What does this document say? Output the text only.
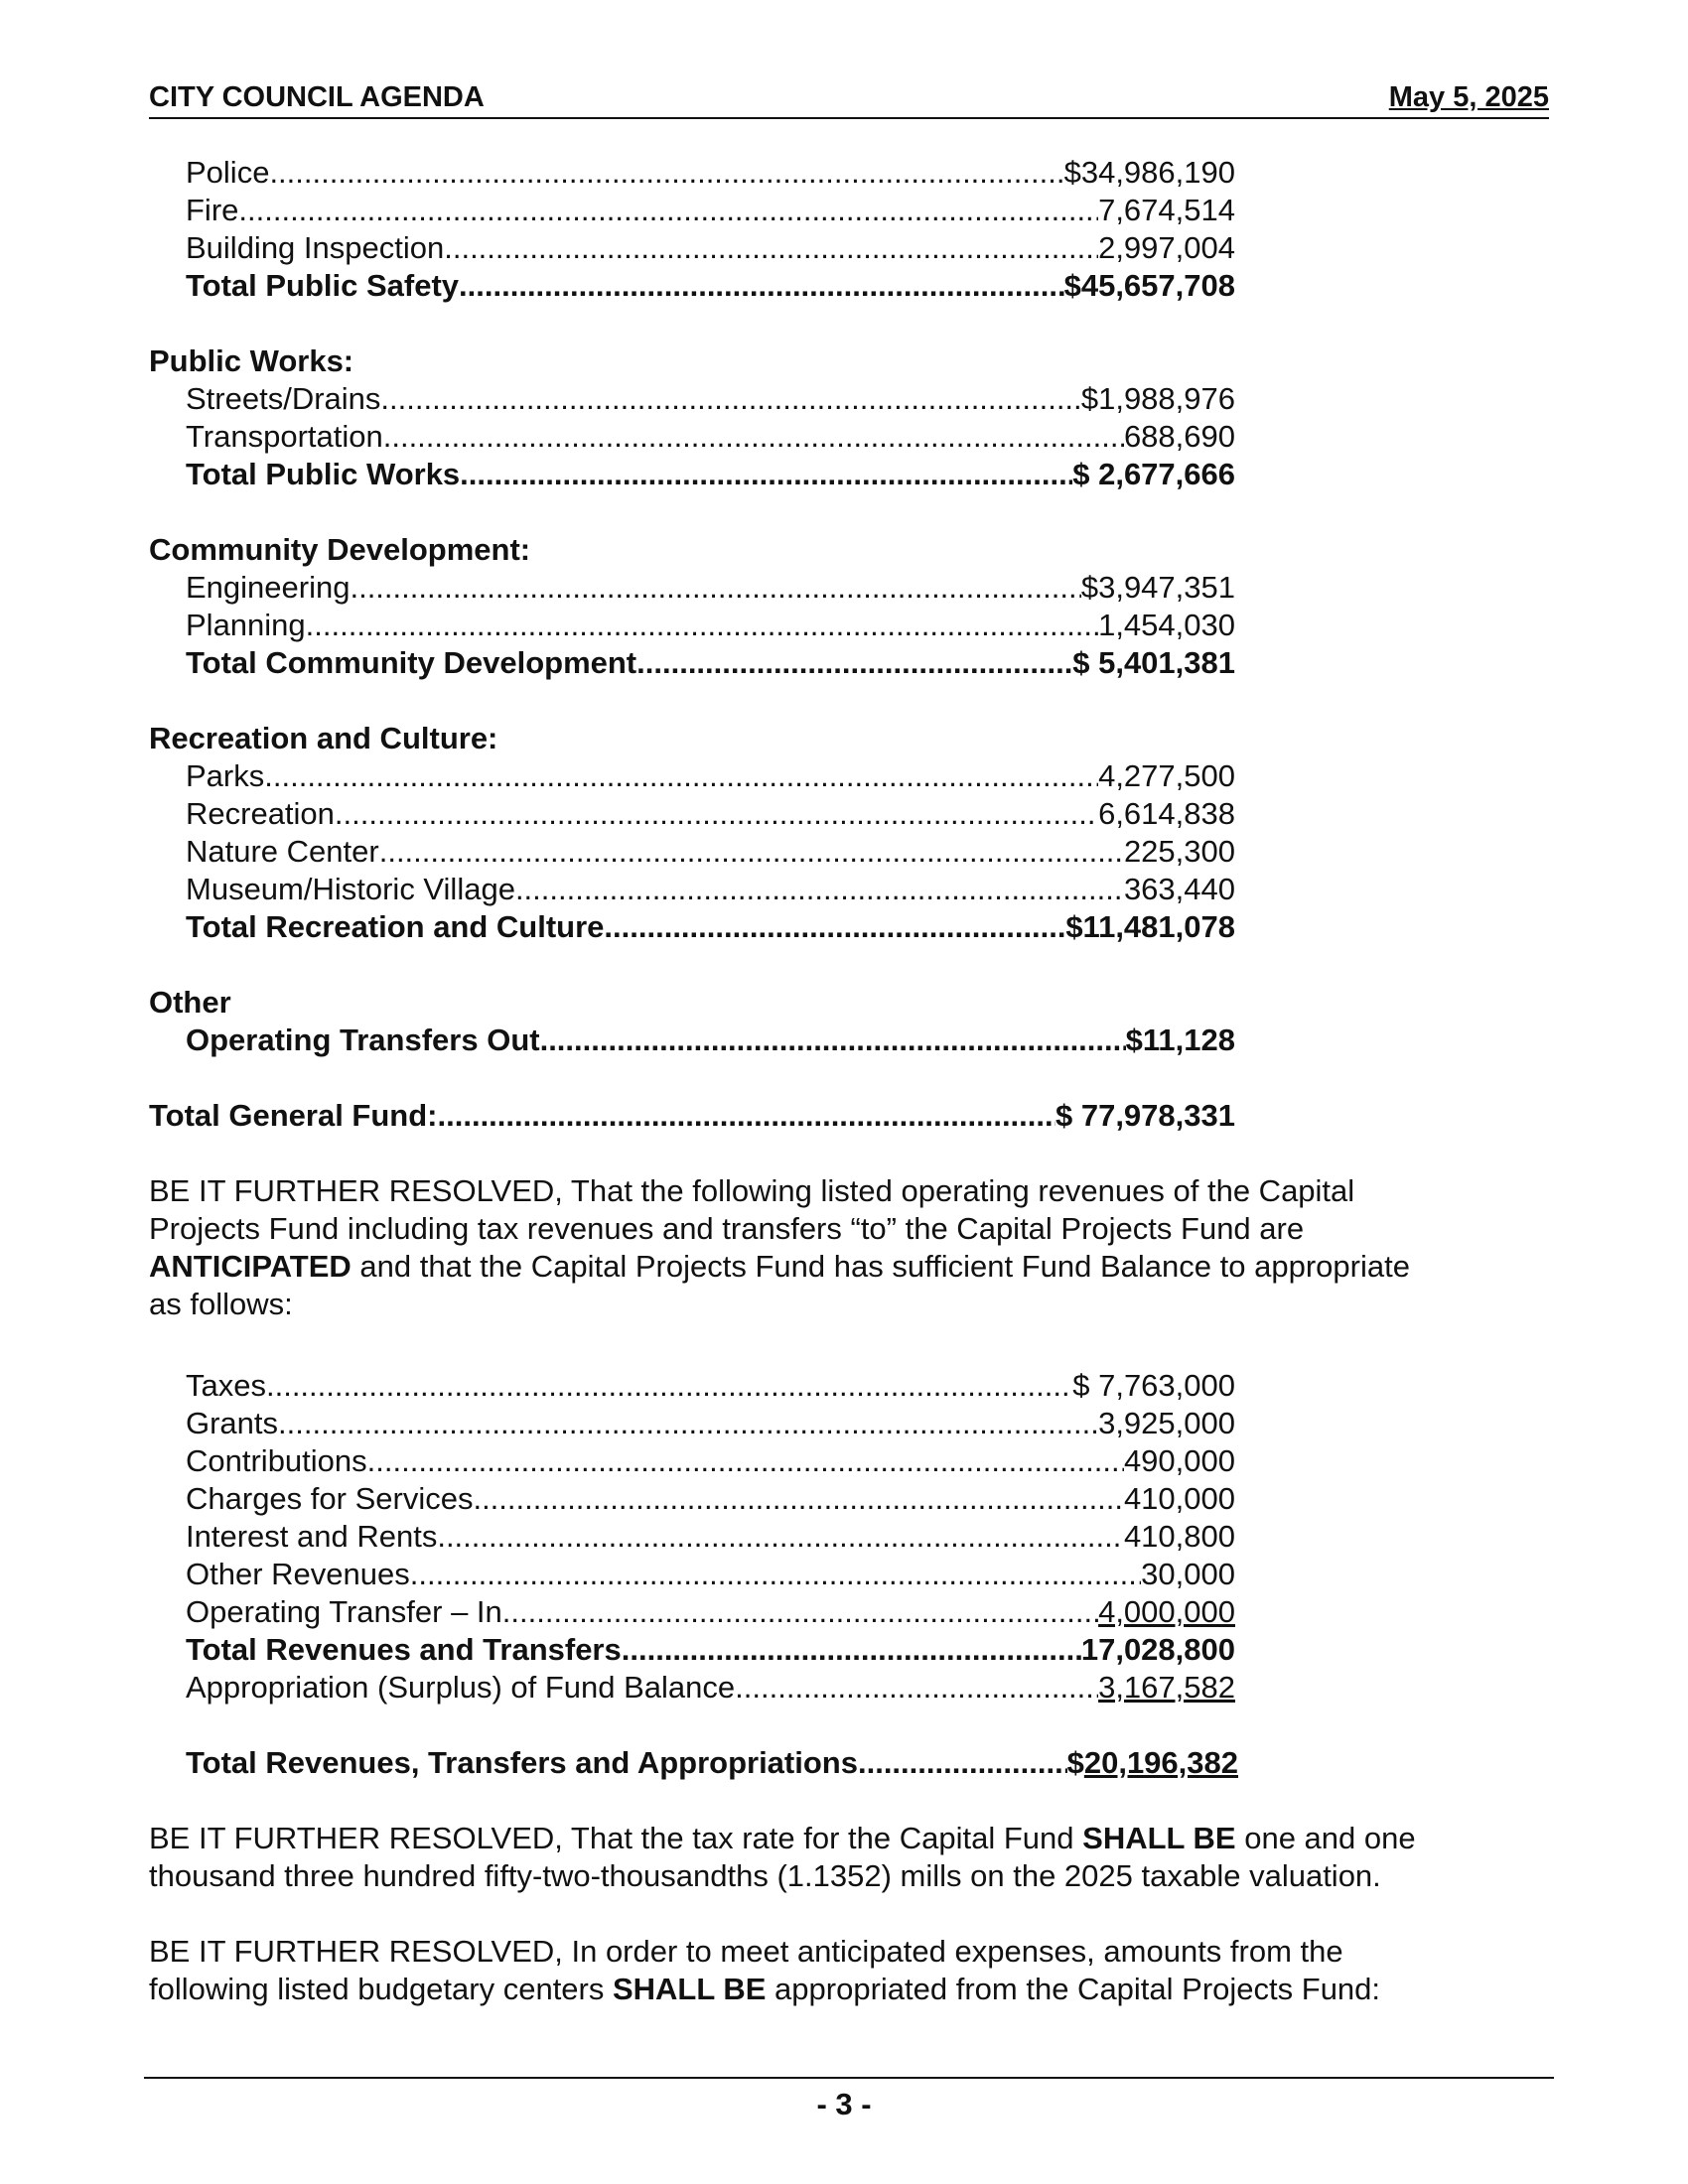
CITY COUNCIL AGENDA	May 5, 2025
Police .....	$34,986,190
Fire .....	7,674,514
Building Inspection .....	2,997,004
Total Public Safety .....	$45,657,708
Public Works:
Streets/Drains .....	$1,988,976
Transportation .....	688,690
Total Public Works .....	$ 2,677,666
Community Development:
Engineering .....	$3,947,351
Planning .....	1,454,030
Total Community Development .....	$ 5,401,381
Recreation and Culture:
Parks .....	4,277,500
Recreation .....	6,614,838
Nature Center .....	225,300
Museum/Historic Village .....	363,440
Total Recreation and Culture .....	$11,481,078
Other
Operating Transfers Out .....	$11,128
Total General Fund: .....	$ 77,978,331

BE IT FURTHER RESOLVED, That the following listed operating revenues of the Capital

Projects Fund including tax revenues and transfers “to” the Capital Projects Fund are

ANTICIPATED and that the Capital Projects Fund has sufficient Fund Balance to appropriate

as follows:

Taxes .....	$ 7,763,000
Grants .....	3,925,000
Contributions .....	490,000
Charges for Services .....	410,000
Interest and Rents .....	410,800
Other Revenues .....	30,000
Operating Transfer – In .....	4,000,000
Total Revenues and Transfers .....	17,028,800
Appropriation (Surplus) of Fund Balance .....	3,167,582
Total Revenues, Transfers and Appropriations .....	$20,196,382

BE IT FURTHER RESOLVED, That the tax rate for the Capital Fund SHALL BE one and one

thousand three hundred fifty-two-thousandths (1.1352) mills on the 2025 taxable valuation.

BE IT FURTHER RESOLVED, In order to meet anticipated expenses, amounts from the

following listed budgetary centers SHALL BE appropriated from the Capital Projects Fund:

- 3 -
